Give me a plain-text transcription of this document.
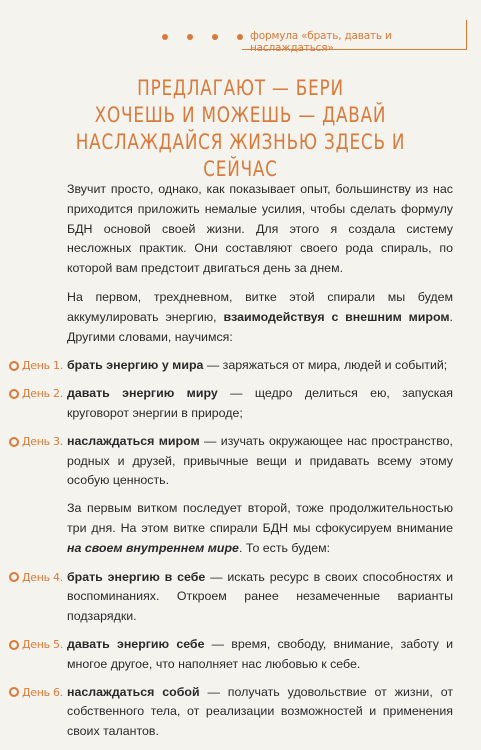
формула «брать, давать и наслаждаться»
ПРЕДЛАГАЮТ — БЕРИ
ХОЧЕШЬ И МОЖЕШЬ — ДАВАЙ
НАСЛАЖДАЙСЯ ЖИЗНЬЮ ЗДЕСЬ И СЕЙЧАС

Звучит просто, однако, как показывает опыт, большинству из нас приходится приложить немалые усилия, чтобы сделать формулу БДН основой своей жизни. Для этого я создала систему несложных практик. Они составляют своего рода спираль, по которой вам предстоит двигаться день за днем.

На первом, трехдневном, витке этой спирали мы будем аккумулировать энергию, взаимодействуя с внешним миром. Другими словами, научимся:

День 1. брать энергию у мира — заряжаться от мира, людей и событий;
День 2. давать энергию миру — щедро делиться ею, запуская круговорот энергии в природе;
День 3. наслаждаться миром — изучать окружающее нас пространство, родных и друзей, привычные вещи и придавать всему этому особую ценность.

За первым витком последует второй, тоже продолжительностью три дня. На этом витке спирали БДН мы сфокусируем внимание на своем внутреннем мире. То есть будем:

День 4. брать энергию в себе — искать ресурс в своих способностях и воспоминаниях. Откроем ранее незамеченные варианты подзарядки.
День 5. давать энергию себе — время, свободу, внимание, заботу и многое другое, что наполняет нас любовью к себе.
День 6. наслаждаться собой — получать удовольствие от жизни, от собственного тела, от реализации возможностей и применения своих талантов.
